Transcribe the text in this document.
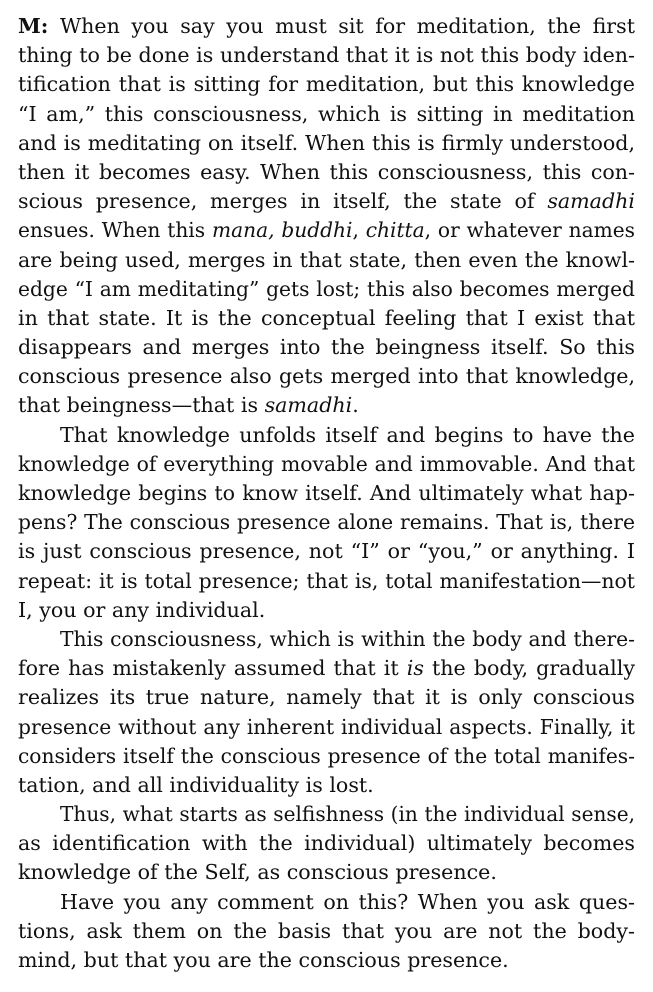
M: When you say you must sit for meditation, the first
thing to be done is understand that it is not this body iden-
tification that is sitting for meditation, but this knowledge
“I am,” this consciousness, which is sitting in meditation
and is meditating on itself. When this is firmly understood,
then it becomes easy. When this consciousness, this con-
scious presence, merges in itself, the state of samadhi
ensues. When this mana, buddhi, chitta, or whatever names
are being used, merges in that state, then even the knowl-
edge “I am meditating” gets lost; this also becomes merged
in that state. It is the conceptual feeling that I exist that
disappears and merges into the beingness itself. So this
conscious presence also gets merged into that knowledge,
that beingness—that is samadhi.
That knowledge unfolds itself and begins to have the
knowledge of everything movable and immovable. And that
knowledge begins to know itself. And ultimately what hap-
pens? The conscious presence alone remains. That is, there
is just conscious presence, not “I” or “you,” or anything. I
repeat: it is total presence; that is, total manifestation—not
I, you or any individual.
This consciousness, which is within the body and there-
fore has mistakenly assumed that it is the body, gradually
realizes its true nature, namely that it is only conscious
presence without any inherent individual aspects. Finally, it
considers itself the conscious presence of the total manifes-
tation, and all individuality is lost.
Thus, what starts as selfishness (in the individual sense,
as identification with the individual) ultimately becomes
knowledge of the Self, as conscious presence.
Have you any comment on this? When you ask ques-
tions, ask them on the basis that you are not the body-
mind, but that you are the conscious presence.
